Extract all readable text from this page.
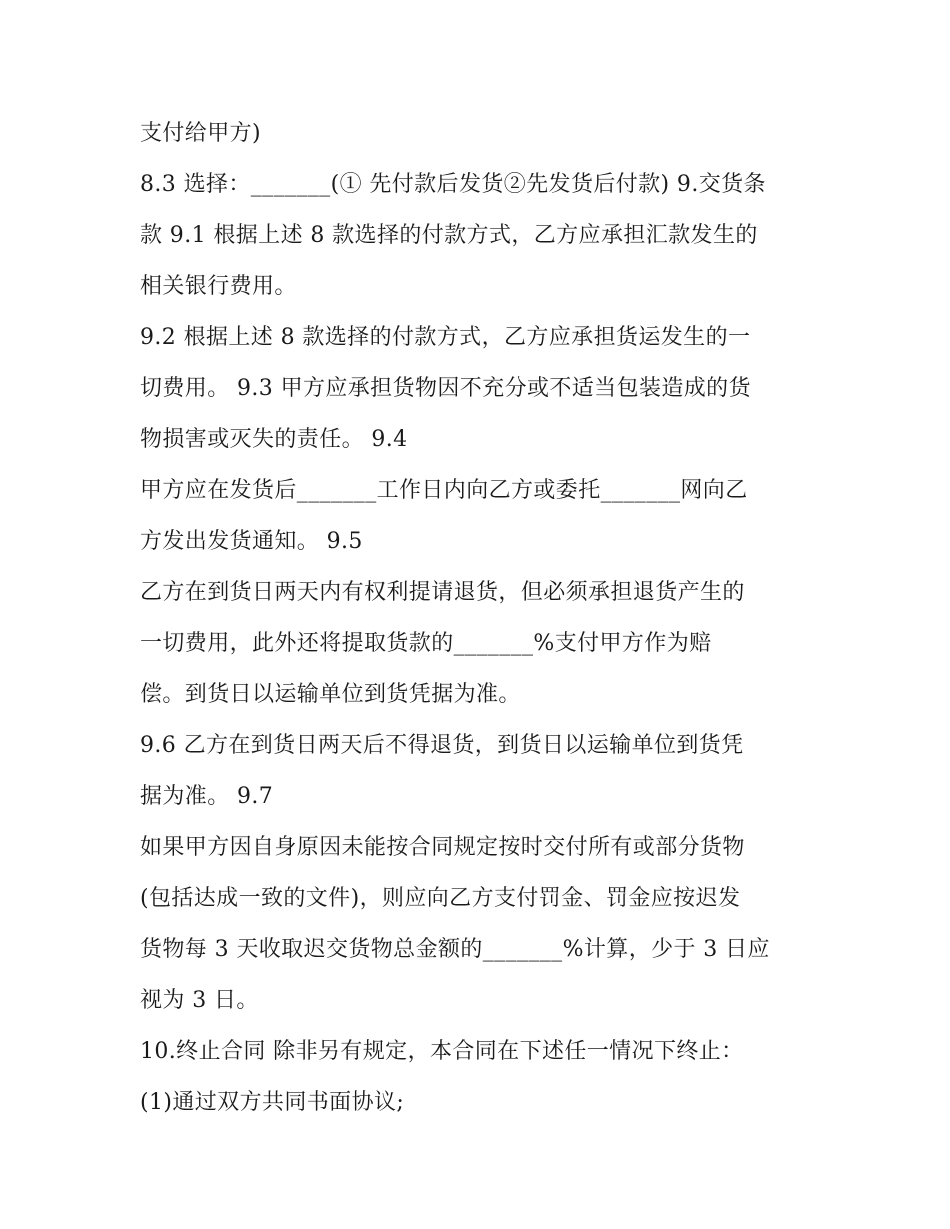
支付给甲方)
8.3 选择：_______(① 先付款后发货②先发货后付款) 9.交货条
款 9.1 根据上述 8 款选择的付款方式，乙方应承担汇款发生的
相关银行费用。
9.2 根据上述 8 款选择的付款方式，乙方应承担货运发生的一
切费用。 9.3 甲方应承担货物因不充分或不适当包装造成的货
物损害或灭失的责任。 9.4
甲方应在发货后_______工作日内向乙方或委托_______网向乙
方发出发货通知。 9.5
乙方在到货日两天内有权利提请退货，但必须承担退货产生的
一切费用，此外还将提取货款的_______%支付甲方作为赔
偿。到货日以运输单位到货凭据为准。
9.6 乙方在到货日两天后不得退货，到货日以运输单位到货凭
据为准。 9.7
如果甲方因自身原因未能按合同规定按时交付所有或部分货物
(包括达成一致的文件)，则应向乙方支付罚金、罚金应按迟发
货物每 3 天收取迟交货物总金额的_______%计算，少于 3 日应
视为 3 日。
10.终止合同 除非另有规定，本合同在下述任一情况下终止：
(1)通过双方共同书面协议;
